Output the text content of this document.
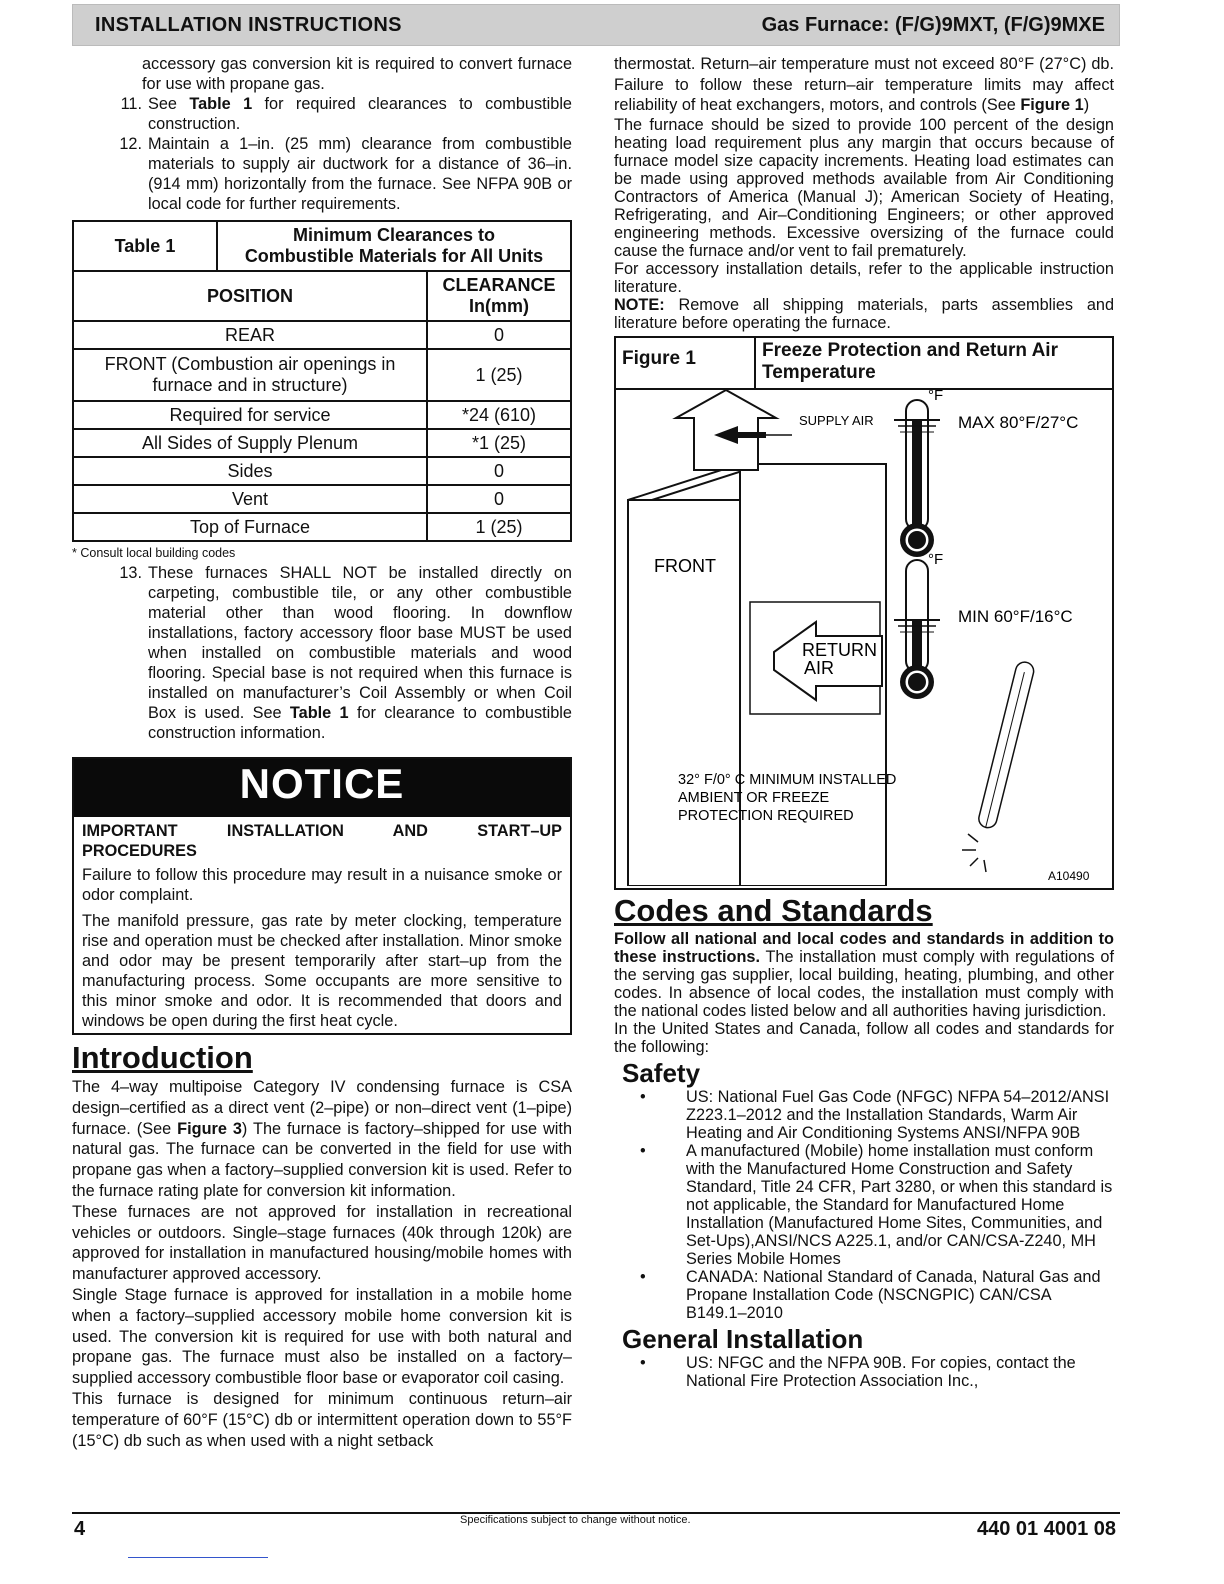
INSTALLATION INSTRUCTIONS	Gas Furnace: (F/G)9MXT, (F/G)9MXE

accessory gas conversion kit is required to convert furnace for use with propane gas.

11. See Table 1 for required clearances to combustible construction.
12. Maintain a 1–in. (25 mm) clearance from combustible materials to supply air ductwork for a distance of 36–in. (914 mm) horizontally from the furnace. See NFPA 90B or local code for further requirements.
Table 1	Minimum Clearances to
Combustible Materials for All Units	

POSITION		CLEARANCE
In(mm)

REAR		0

FRONT (Combustion air openings in
furnace and in structure)		1 (25)
Required for service		*24 (610)
All Sides of Supply Plenum		*1 (25)
Sides		0
Vent		0
Top of Furnace		1 (25)
* Consult local building codes
13. These furnaces SHALL NOT be installed directly on carpeting, combustible tile, or any other combustible material other than wood flooring. In downflow installations, factory accessory floor base MUST be used when installed on combustible materials and wood flooring. Special base is not required when this furnace is installed on manufacturer’s Coil Assembly or when Coil Box is used. See Table 1 for clearance to combustible construction information.
NOTICE
IMPORTANT INSTALLATION AND START–UP
PROCEDURES
Failure to follow this procedure may result in a nuisance smoke or odor complaint.
The manifold pressure, gas rate by meter clocking, temperature rise and operation must be checked after installation. Minor smoke and odor may be present temporarily after start–up from the manufacturing process. Some occupants are more sensitive to this minor smoke and odor. It is recommended that doors and windows be open during the first heat cycle.
Introduction

The 4–way multipoise Category IV condensing furnace is CSA design–certified as a direct vent (2–pipe) or non–direct vent (1–pipe) furnace. (See Figure 3) The furnace is factory–shipped for use with natural gas. The furnace can be converted in the field for use with propane gas when a factory–supplied conversion kit is used. Refer to the furnace rating plate for conversion kit information.

These furnaces are not approved for installation in recreational vehicles or outdoors. Single–stage furnaces (40k through 120k) are approved for installation in manufactured housing/mobile homes with manufacturer approved accessory.

Single Stage furnace is approved for installation in a mobile home when a factory–supplied accessory mobile home conversion kit is used. The conversion kit is required for use with both natural and propane gas. The furnace must also be installed on a factory–supplied accessory combustible floor base or evaporator coil casing.

This furnace is designed for minimum continuous return–air temperature of 60°F (15°C) db or intermittent operation down to 55°F (15°C) db such as when used with a night setback

thermostat. Return–air temperature must not exceed 80°F (27°C) db. Failure to follow these return–air temperature limits may affect reliability of heat exchangers, motors, and controls (See Figure 1)

The furnace should be sized to provide 100 percent of the design heating load requirement plus any margin that occurs because of furnace model size capacity increments. Heating load estimates can be made using approved methods available from Air Conditioning Contractors of America (Manual J); American Society of Heating, Refrigerating, and Air–Conditioning Engineers; or other approved engineering methods. Excessive oversizing of the furnace could cause the furnace and/or vent to fail prematurely.

For accessory installation details, refer to the applicable instruction literature.

NOTE: Remove all shipping materials, parts assemblies and literature before operating the furnace.

Figure 1	Freeze Protection and Return Air
Temperature
SUPPLY AIR
FRONT
RETURN
AIR
°F
MAX 80°F/27°C
°F
MIN 60°F/16°C
32° F/0° C MINIMUM INSTALLED
AMBIENT OR FREEZE
PROTECTION REQUIRED
A10490
Codes and Standards

Follow all national and local codes and standards in addition to these instructions. The installation must comply with regulations of the serving gas supplier, local building, heating, plumbing, and other codes. In absence of local codes, the installation must comply with the national codes listed below and all authorities having jurisdiction.

In the United States and Canada, follow all codes and standards for the following:

Safety
•	US: National Fuel Gas Code (NFGC) NFPA 54–2012/ANSI Z223.1–2012 and the Installation Standards, Warm Air Heating and Air Conditioning Systems ANSI/NFPA 90B
•	A manufactured (Mobile) home installation must conform with the Manufactured Home Construction and Safety Standard, Title 24 CFR, Part 3280, or when this standard is not applicable, the Standard for Manufactured Home Installation (Manufactured Home Sites, Communities, and Set-Ups),ANSI/NCS A225.1, and/or CAN/CSA-Z240, MH Series Mobile Homes
•	CANADA: National Standard of Canada, Natural Gas and Propane Installation Code (NSCNGPIC) CAN/CSA B149.1–2010
General Installation
•	US: NFGC and the NFPA 90B. For copies, contact the National Fire Protection Association Inc.,
4	Specifications subject to change without notice.	440 01 4001 08
